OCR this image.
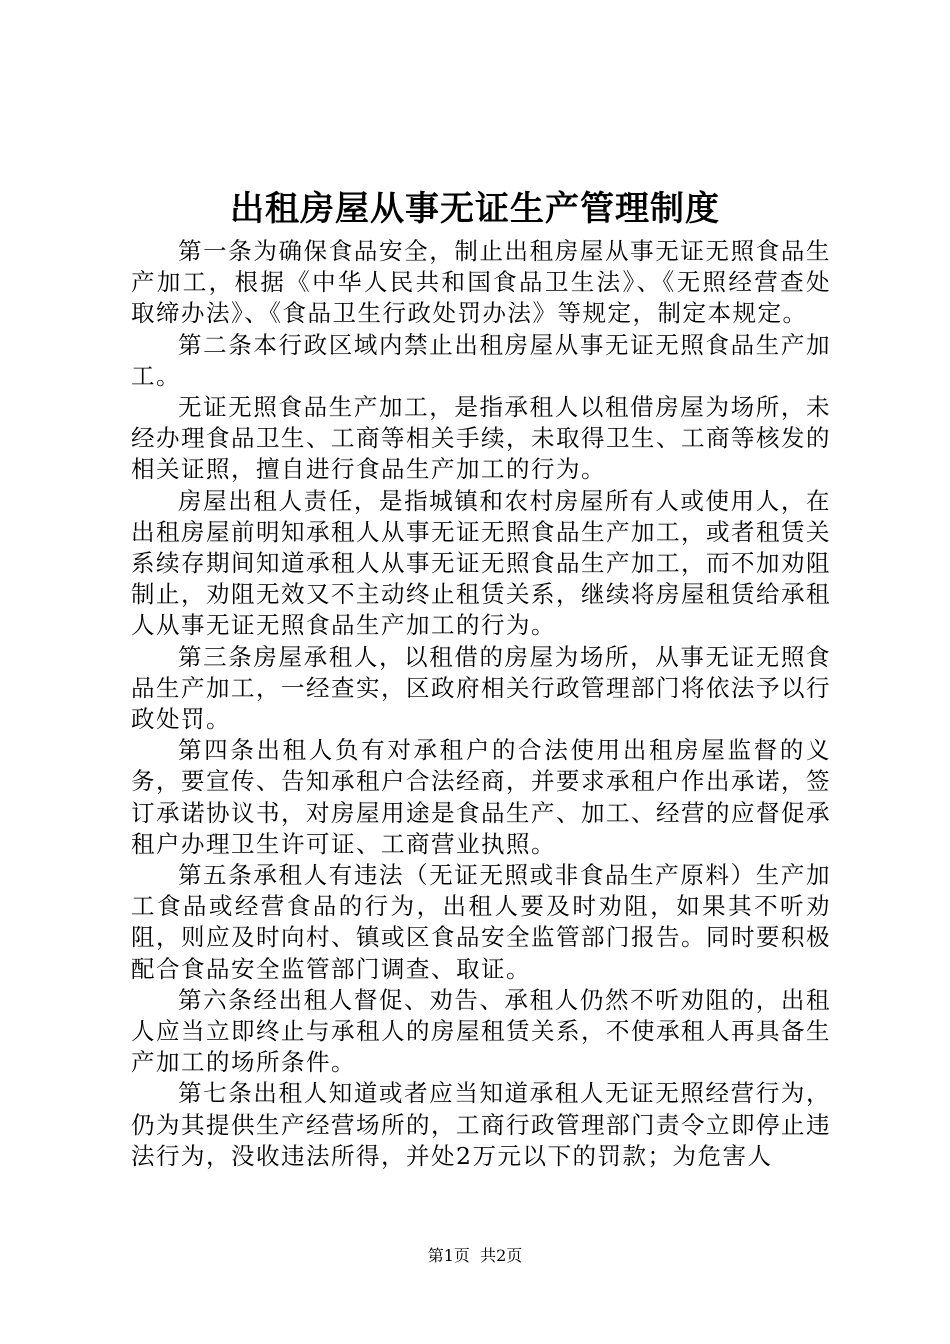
出租房屋从事无证生产管理制度

第一条为确保食品安全，制止出租房屋从事无证无照食品生产加工，根据《中华人民共和国食品卫生法》、《无照经营查处取缔办法》、《食品卫生行政处罚办法》等规定，制定本规定。

第二条本行政区域内禁止出租房屋从事无证无照食品生产加工。

无证无照食品生产加工，是指承租人以租借房屋为场所，未经办理食品卫生、工商等相关手续，未取得卫生、工商等核发的相关证照，擅自进行食品生产加工的行为。

房屋出租人责任，是指城镇和农村房屋所有人或使用人，在出租房屋前明知承租人从事无证无照食品生产加工，或者租赁关系续存期间知道承租人从事无证无照食品生产加工，而不加劝阻制止，劝阻无效又不主动终止租赁关系，继续将房屋租赁给承租人从事无证无照食品生产加工的行为。

第三条房屋承租人，以租借的房屋为场所，从事无证无照食品生产加工，一经查实，区政府相关行政管理部门将依法予以行政处罚。

第四条出租人负有对承租户的合法使用出租房屋监督的义务，要宣传、告知承租户合法经商，并要求承租户作出承诺，签订承诺协议书，对房屋用途是食品生产、加工、经营的应督促承租户办理卫生许可证、工商营业执照。

第五条承租人有违法（无证无照或非食品生产原料）生产加工食品或经营食品的行为，出租人要及时劝阻，如果其不听劝阻，则应及时向村、镇或区食品安全监管部门报告。同时要积极配合食品安全监管部门调查、取证。

第六条经出租人督促、劝告、承租人仍然不听劝阻的，出租人应当立即终止与承租人的房屋租赁关系，不使承租人再具备生产加工的场所条件。

第七条出租人知道或者应当知道承租人无证无照经营行为，仍为其提供生产经营场所的，工商行政管理部门责令立即停止违法行为，没收违法所得，并处2万元以下的罚款；为危害人

第1页 共2页
